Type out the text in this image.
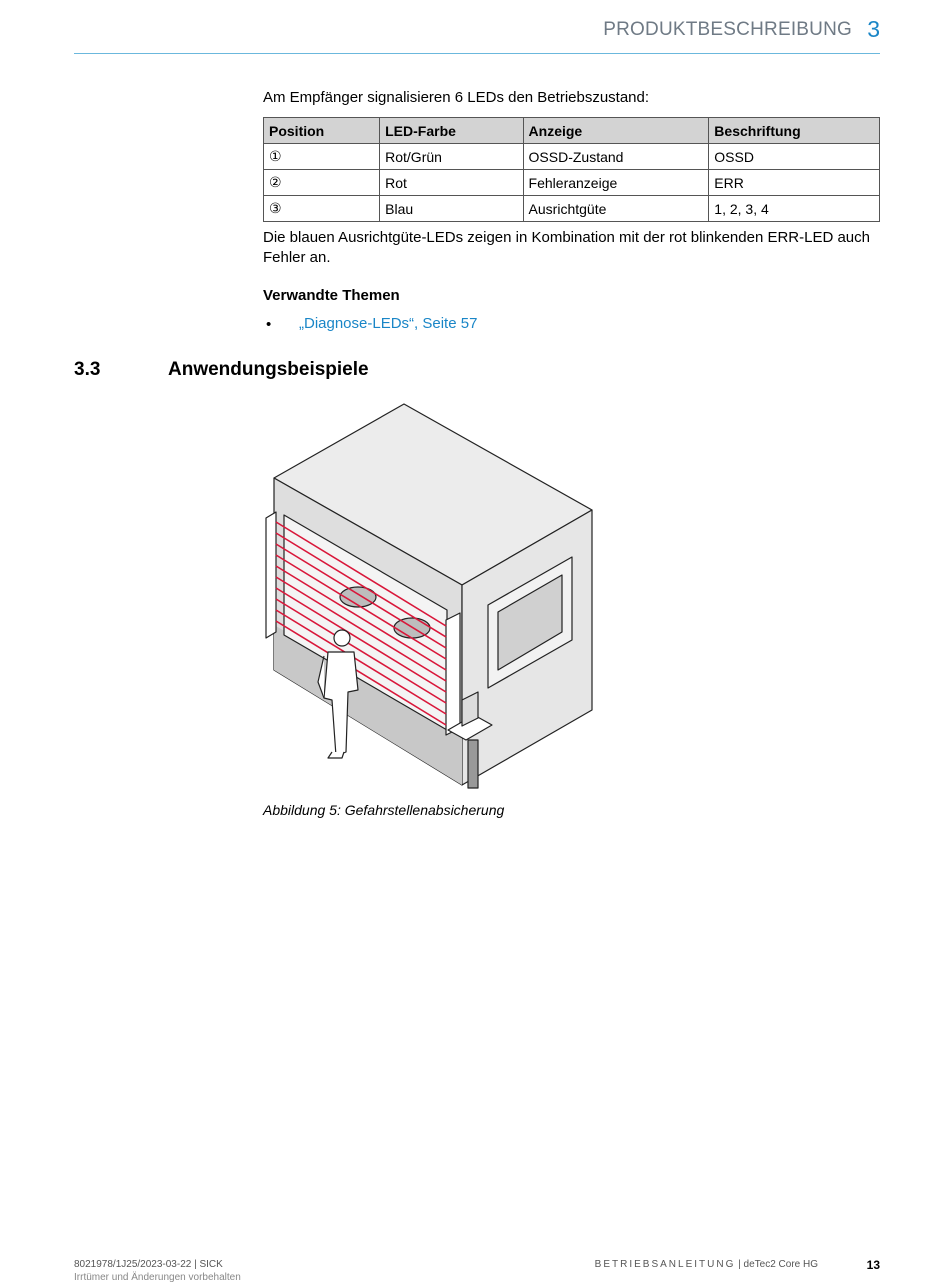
PRODUKTBESCHREIBUNG 3
Am Empfänger signalisieren 6 LEDs den Betriebszustand:
Position	LED-Farbe	Anzeige	Beschriftung
①	Rot/Grün	OSSD-Zustand	OSSD
②	Rot	Fehleranzeige	ERR
③	Blau	Ausrichtgüte	1, 2, 3, 4
Die blauen Ausrichtgüte-LEDs zeigen in Kombination mit der rot blinkenden ERR-LED auch Fehler an.
Verwandte Themen
• „Diagnose-LEDs“, Seite 57
3.3	Anwendungsbeispiele
Abbildung 5: Gefahrstellenabsicherung
8021978/1J25/2023-03-22 | SICK
Irrtümer und Änderungen vorbehalten
BETRIEBSANLEITUNG | deTec2 Core HG	13
